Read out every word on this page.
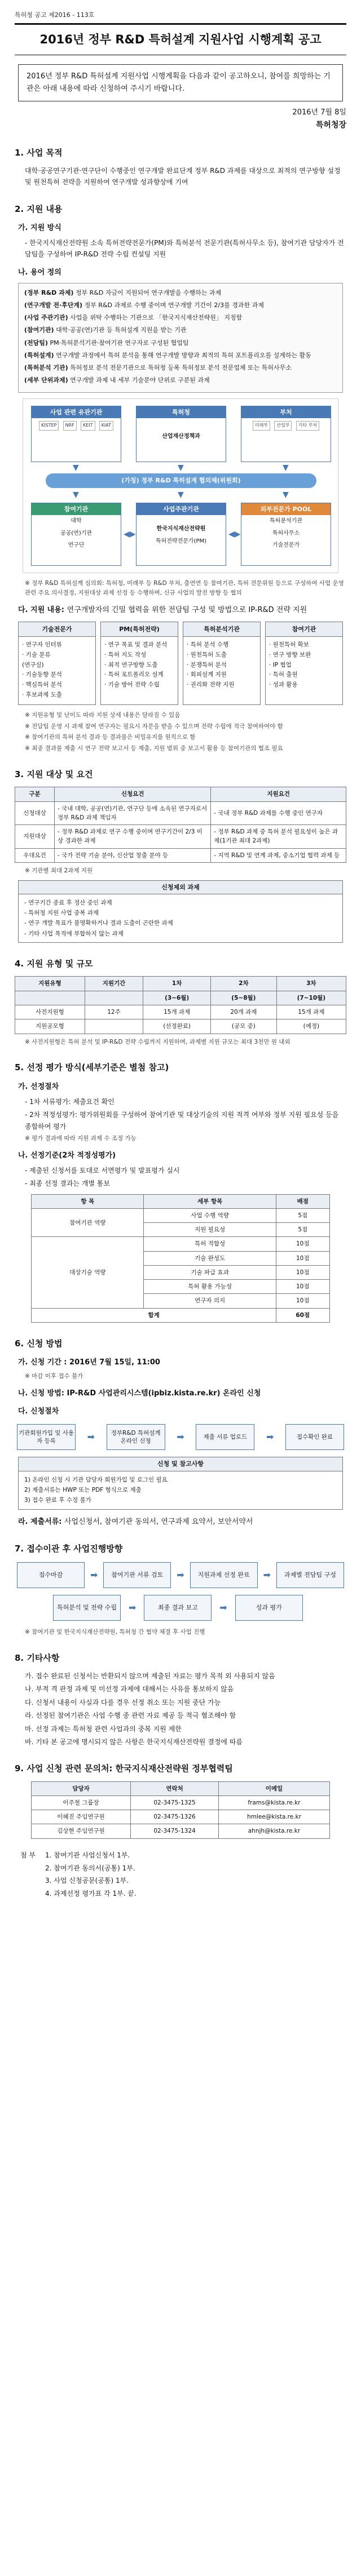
특허청 공고 제2016 - 113호
2016년 정부 R&D 특허설계 지원사업 시행계획 공고
2016년 정부 R&D 특허설계 지원사업 시행계획을 다음과 같이 공고하오니, 참여를 희망하는 기관은 아래 내용에 따라 신청하여 주시기 바랍니다.
2016년 7월 8일
특허청장
1. 사업 목적
대학·공공연구기관·연구단이 수행중인 연구개발 완료단계 정부 R&D 과제를 대상으로 최적의 연구방향 설정 및 원천특허 전략을 지원하여 연구개발 성과향상에 기여
2. 지원 내용
가. 지원 방식
- 한국지식재산전략원 소속 특허전략전문가(PM)와 특허분석 전문기관(특허사무소 등), 참여기관 담당자가 전담팀을 구성하여 IP-R&D 전략 수립 컨설팅 지원
나. 용어 정의
(정부 R&D 과제) 정부 R&D 자금이 지원되어 연구개발을 수행하는 과제
(연구개발 전·후단계) 정부 R&D 과제로 수행 중이며 연구개발 기간이 2/3를 경과한 과제
(사업 주관기관) 사업을 위탁 수행하는 기관으로 「한국지식재산전략원」 지칭함
(참여기관) 대학·공공(연)기관 등 특허설계 지원을 받는 기관
(전담팀) PM·특허분석기관·참여기관 연구자로 구성된 협업팀
(특허설계) 연구개발 과정에서 특허 분석을 통해 연구개발 방향과 최적의 특허 포트폴리오를 설계하는 활동
(특허분석 기관) 특허정보 분석 전문기관으로 특허청 등록 특허정보 분석 전문업체 또는 특허사무소
(세부 단위과제) 연구개발 과제 내 세부 기술분야 단위로 구분된 과제
사업 관련 유관기관
KISTEP NRF KEIT KIAT
특허청
산업재산정책과
부처
미래부 산업부 기타 부처
(가칭) 정부 R&D 특허설계 협의체(위원회)
참여기관
대학
공공(연)기관
연구단
사업주관기관
한국지식재산전략원
특허전략전문가(PM)
외부전문가 POOL
특허분석기관
특허사무소
기술전문가
▼	▼	▼
▼	▼	▼
◀▶	◀▶
※ 정부 R&D 특허설계 심의회: 특허청, 미래부 등 R&D 부처, 출연연 등 참여기관, 특허 전문위원 등으로 구성하여 사업 운영 관련 주요 의사결정, 지원대상 과제 선정 등 수행하며, 신규 사업의 발전 방향 등 협의
다. 지원 내용: 연구개발자의 긴밀 협력을 위한 전담팀 구성 및 방법으로 IP-R&D 전략 지원
기술전문가
· 연구자 인터뷰
· 기술 분류
(연구실)
· 기술동향 분석
· 핵심특허 분석
· 후보과제 도출
PM(특허전략)
· 연구 목표 및 결과 분석
· 특허 지도 작성
· 최적 연구방향 도출
· 특허 포트폴리오 설계
· 기술 방어 전략 수립
특허분석기관
· 특허 분석 수행
· 원천특허 도출
· 분쟁특허 분석
· 회피설계 지원
· 권리화 전략 지원
참여기관
· 원천특허 확보
· 연구 방향 보완
· IP 협업
· 특허 출원
· 성과 활용
※ 지원유형 및 난이도 따라 지원 상세 내용은 달라질 수 있음
※ 전담팀 운영 시 과제 참여 연구자는 필요시 자문을 받을 수 있으며 전략 수립에 적극 참여하여야 함
※ 참여기관의 특허 분석 결과 등 결과물은 비밀유지를 원칙으로 함
※ 최종 결과물 제출 시 연구 전략 보고서 등 제출, 지원 범위 중 보고서 활용 등 참여기관의 협조 필요
3. 지원 대상 및 요건
구분	신청요건	지원요건
신청대상	- 국내 대학, 공공(연)기관, 연구단 등에 소속된 연구자로서 정부 R&D 과제 책임자	- 국내 정부 R&D 과제를 수행 중인 연구자
지원대상	- 정부 R&D 과제로 연구 수행 중이며 연구기간이 2/3 이상 경과한 과제	- 정부 R&D 과제 중 특허 분석 필요성이 높은 과제(1기관 최대 2과제)
우대요건	- 국가 전략 기술 분야, 신산업 창출 분야 등	- 지역 R&D 및 연계 과제, 중소기업 협력 과제 등
※ 기관별 최대 2과제 지원
신청제외 과제
- 연구기간 종료 후 정산 중인 과제
- 특허청 지원 사업 중복 과제
- 연구 개발 목표가 불명확하거나 결과 도출이 곤란한 과제
- 기타 사업 목적에 부합하지 않는 과제
4. 지원 유형 및 규모
지원유형	지원기간	1차	2차	3차
		(3~6월)	(5~8월)	(7~10월)
사전지원형	12주	15개 과제	20개 과제	15개 과제
지원공모형		(선정완료)	(공모 중)	(예정)
※ 사전지원형은 특허 분석 및 IP-R&D 전략 수립까지 지원하며, 과제별 지원 규모는 최대 3천만 원 내외
5. 선정 평가 방식(세부기준은 별첨 참고)
가. 선정절차
- 1차 서류평가: 제출요건 확인
- 2차 적정성평가: 평가위원회를 구성하여 참여기관 및 대상기술의 지원 적격 여부와 정부 지원 필요성 등을 종합하여 평가
※ 평가 결과에 따라 지원 과제 수 조정 가능
나. 선정기준(2차 적정성평가)
- 제출된 신청서를 토대로 서면평가 및 발표평가 실시
- 최종 선정 결과는 개별 통보
항 목	세부 항목	배점
참여기관 역량	사업 수행 역량	5점
	지원 필요성	5점
대상기술 역량	특허 적합성	10점
	기술 완성도	10점
	기술 파급 효과	10점
	특허 활용 가능성	10점
	연구자 의지	10점
합계		60점
6. 신청 방법
가. 신청 기간 : 2016년 7월 15일, 11:00
※ 마감 이후 접수 불가
나. 신청 방법: IP-R&D 사업관리시스템(ipbiz.kista.re.kr) 온라인 신청
다. 신청절차
기관회원가입 및 사용자 등록	➡	정부R&D 특허설계 온라인 신청	➡	제출 서류 업로드	➡	접수확인 완료
신청 및 참고사항
1) 온라인 신청 시 기관 담당자 회원가입 및 로그인 필요
2) 제출서류는 HWP 또는 PDF 형식으로 제출
3) 접수 완료 후 수정 불가
라. 제출서류: 사업신청서, 참여기관 동의서, 연구과제 요약서, 보안서약서
7. 접수이관 후 사업진행방향
접수마감	➡	참여기관 서류 검토	➡	지원과제 선정 완료	➡	과제별 전담팀 구성
특허분석 및 전략 수립	➡	최종 결과 보고	➡	성과 평가
※ 참여기관 및 한국지식재산전략원, 특허청 간 협약 체결 후 사업 진행
8. 기타사항
가. 접수 완료된 신청서는 반환되지 않으며 제출된 자료는 평가 목적 외 사용되지 않음
나. 부적 격 판정 과제 및 미선정 과제에 대해서는 사유를 통보하지 않음
다. 신청서 내용이 사실과 다를 경우 선정 취소 또는 지원 중단 가능
라. 선정된 참여기관은 사업 수행 중 관련 자료 제공 등 적극 협조해야 함
마. 선정 과제는 특허청 관련 사업과의 중복 지원 제한
바. 기타 본 공고에 명시되지 않은 사항은 한국지식재산전략원 결정에 따름
9. 사업 신청 관련 문의처: 한국지식재산전략원 정부협력팀
담당자	연락처	이메일
이주철 그룹장	02-3475-1325	frams@kista.re.kr
이혜진 주임연구원	02-3475-1326	hmlee@kista.re.kr
김상현 주임연구원	02-3475-1324	ahnjh@kista.re.kr
첨 부 1. 참여기관 사업신청서 1부.
2. 참여기관 동의서(공통) 1부.
3. 사업 신청공문(공통) 1부.
4. 과제선정 평가표 각 1부. 끝.
